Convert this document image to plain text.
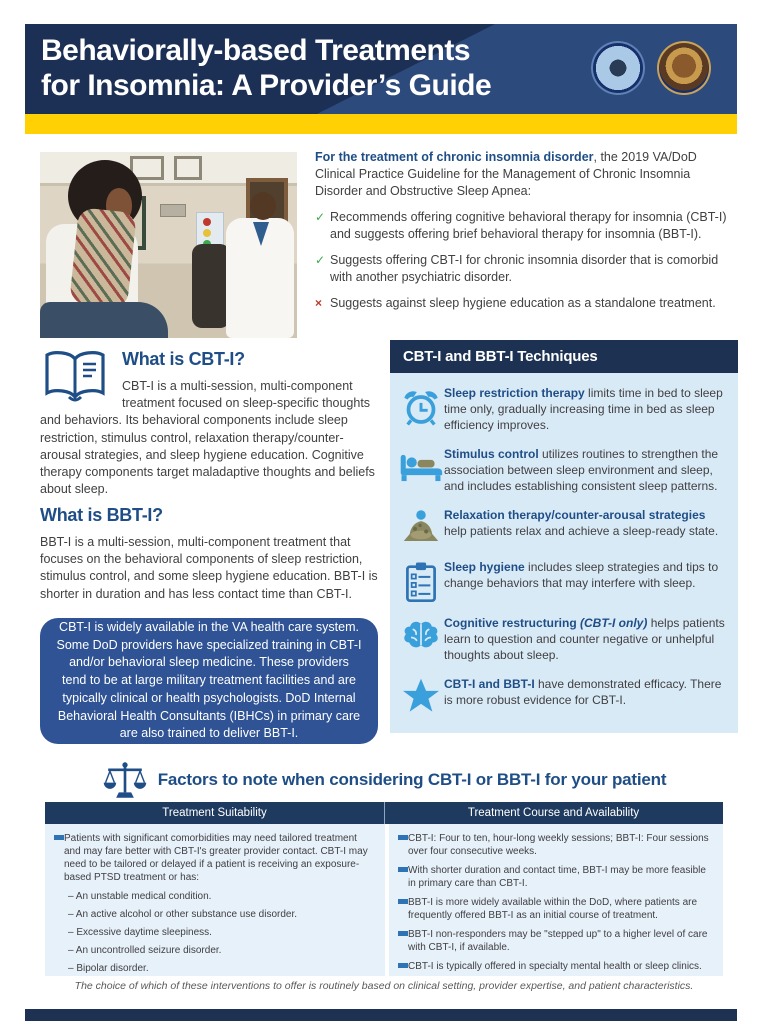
Behaviorally-based Treatments
for Insomnia: A Provider’s Guide

For the treatment of chronic insomnia disorder, the 2019 VA/DoD Clinical Practice Guideline for the Management of Chronic Insomnia Disorder and Obstructive Sleep Apnea:

✓ Recommends offering cognitive behavioral therapy for insomnia (CBT-I) and suggests offering brief behavioral therapy for insomnia (BBT-I).
✓ Suggests offering CBT-I for chronic insomnia disorder that is comorbid with another psychiatric disorder.
× Suggests against sleep hygiene education as a standalone treatment.
What is CBT-I?

CBT-I is a multi-session, multi-component treatment focused on sleep-specific thoughts and behaviors. Its behavioral components include sleep restriction, stimulus control, relaxation therapy/counter-arousal strategies, and sleep hygiene education. Cognitive therapy components target maladaptive thoughts and beliefs about sleep.

What is BBT-I?

BBT-I is a multi-session, multi-component treatment that focuses on the behavioral components of sleep restriction, stimulus control, and some sleep hygiene education. BBT-I is shorter in duration and has less contact time than CBT-I.

CBT-I is widely available in the VA health care system. Some DoD providers have specialized training in CBT-I and/or behavioral sleep medicine. These providers tend to be at large military treatment facilities and are typically clinical or health psychologists. DoD Internal Behavioral Health Consultants (IBHCs) in primary care are also trained to deliver BBT-I.

CBT-I and BBT-I Techniques

Sleep restriction therapy limits time in bed to sleep time only, gradually increasing time in bed as sleep efficiency improves.

Stimulus control utilizes routines to strengthen the association between sleep environment and sleep, and includes establishing consistent sleep patterns.

Relaxation therapy/counter-arousal strategies help patients relax and achieve a sleep-ready state.

Sleep hygiene includes sleep strategies and tips to change behaviors that may interfere with sleep.

Cognitive restructuring (CBT-I only) helps patients learn to question and counter negative or unhelpful thoughts about sleep.

CBT-I and BBT-I have demonstrated efficacy. There is more robust evidence for CBT-I.

Factors to note when considering CBT-I or BBT-I for your patient
Treatment Suitability	Treatment Course and Availability
Patients with significant comorbidities may need tailored treatment and may fare better with CBT-I's greater provider contact. CBT-I may need to be tailored or delayed if a patient is receiving an exposure-based PTSD treatment or has:
– An unstable medical condition.
– An active alcohol or other substance use disorder.
– Excessive daytime sleepiness.
– An uncontrolled seizure disorder.
– Bipolar disorder.
CBT-I: Four to ten, hour-long weekly sessions; BBT-I: Four sessions over four consecutive weeks.
With shorter duration and contact time, BBT-I may be more feasible in primary care than CBT-I.
BBT-I is more widely available within the DoD, where patients are frequently offered BBT-I as an initial course of treatment.
BBT-I non-responders may be "stepped up" to a higher level of care with CBT-I, if available.
CBT-I is typically offered in specialty mental health or sleep clinics.

The choice of which of these interventions to offer is routinely based on clinical setting, provider expertise, and patient characteristics.
